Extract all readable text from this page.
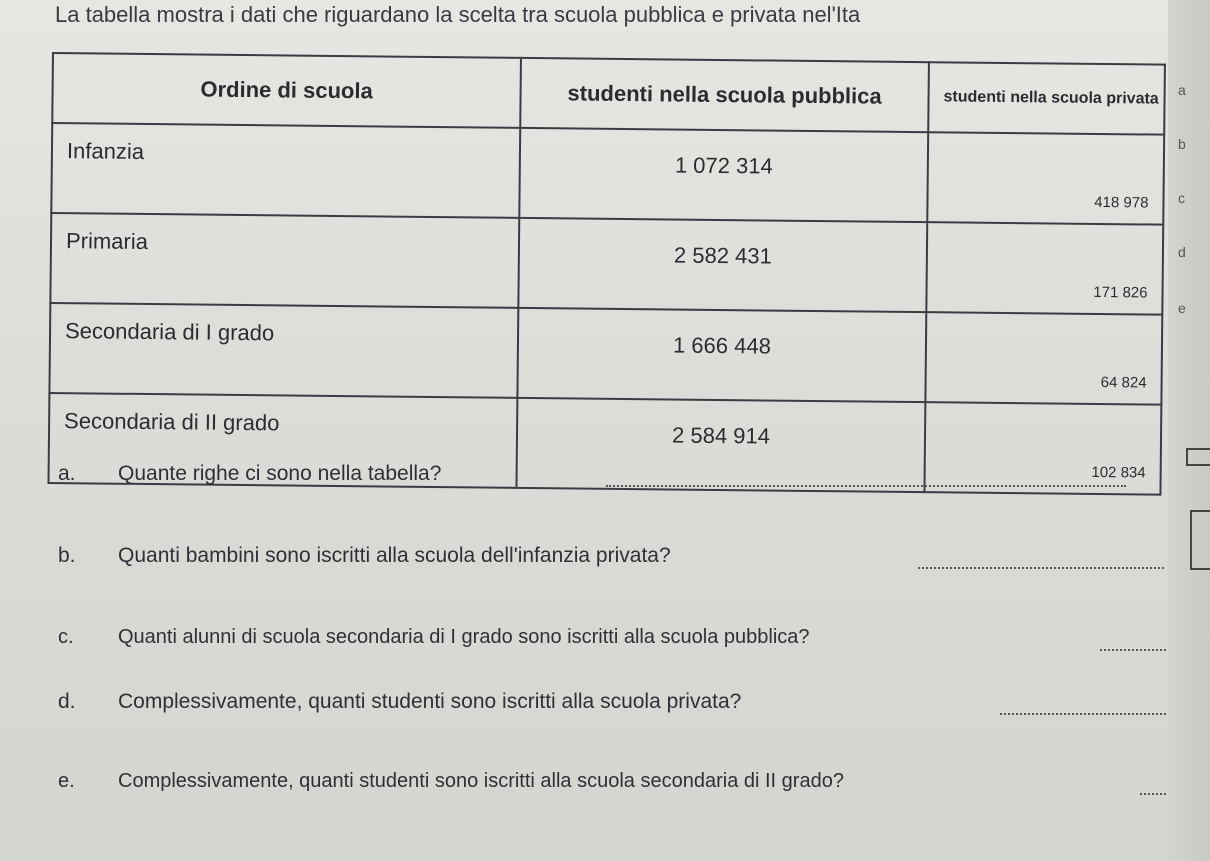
La tabella mostra i dati che riguardano la scelta tra scuola pubblica e privata nel'Ita
Ordine di scuola	studenti nella scuola pubblica	studenti nella scuola privata
Infanzia	1 072 314	418 978
Primaria	2 582 431	171 826
Secondaria di I grado	1 666 448	64 824
Secondaria di II grado	2 584 914	102 834
a
b
c
d
e
a. Quante righe ci sono nella tabella?
b. Quanti bambini sono iscritti alla scuola dell'infanzia privata?
c. Quanti alunni di scuola secondaria di I grado sono iscritti alla scuola pubblica?
d. Complessivamente, quanti studenti sono iscritti alla scuola privata?
e. Complessivamente, quanti studenti sono iscritti alla scuola secondaria di II grado?
